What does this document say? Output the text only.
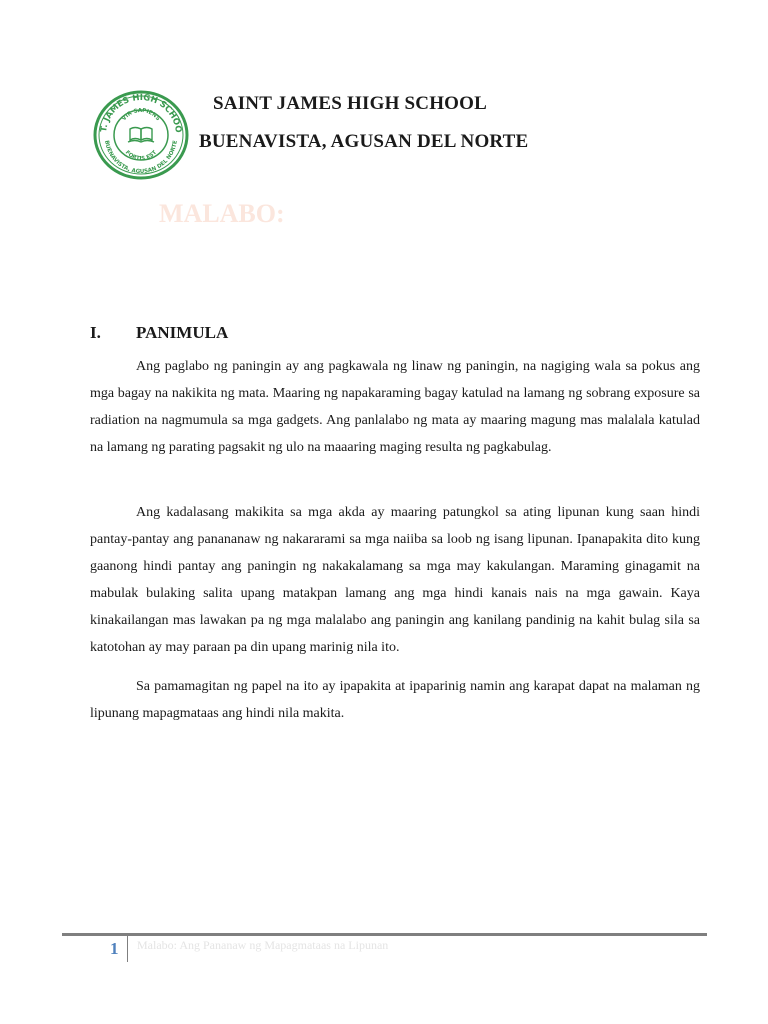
T. JAMES HIGH SCHOO
BUENAVISTA, AGUSAN DEL NORTE
VIR SAPIENS
FORTIS EST
SAINT JAMES HIGH SCHOOL
BUENAVISTA, AGUSAN DEL NORTE
MALABO:
I. PANIMULA

Ang paglabo ng paningin ay ang pagkawala ng linaw ng paningin, na nagiging wala sa pokus ang mga bagay na nakikita ng mata. Maaring ng napakaraming bagay katulad na lamang ng sobrang exposure sa radiation na nagmumula sa mga gadgets. Ang panlalabo ng mata ay maaring magung mas malalala katulad na lamang ng parating pagsakit ng ulo na maaaring maging resulta ng pagkabulag.

Ang kadalasang makikita sa mga akda ay maaring patungkol sa ating lipunan kung saan hindi pantay-pantay ang panananaw ng nakararami sa mga naiiba sa loob ng isang lipunan. Ipanapakita dito kung gaanong hindi pantay ang paningin ng nakakalamang sa mga may kakulangan. Maraming ginagamit na mabulak bulaking salita upang matakpan lamang ang mga hindi kanais nais na mga gawain. Kaya kinakailangan mas lawakan pa ng mga malalabo ang paningin ang kanilang pandinig na kahit bulag sila sa katotohan ay may paraan pa din upang marinig nila ito.

Sa pamamagitan ng papel na ito ay ipapakita at ipaparinig namin ang karapat dapat na malaman ng lipunang mapagmataas ang hindi nila makita.

1 Malabo: Ang Pananaw ng Mapagmataas na Lipunan
